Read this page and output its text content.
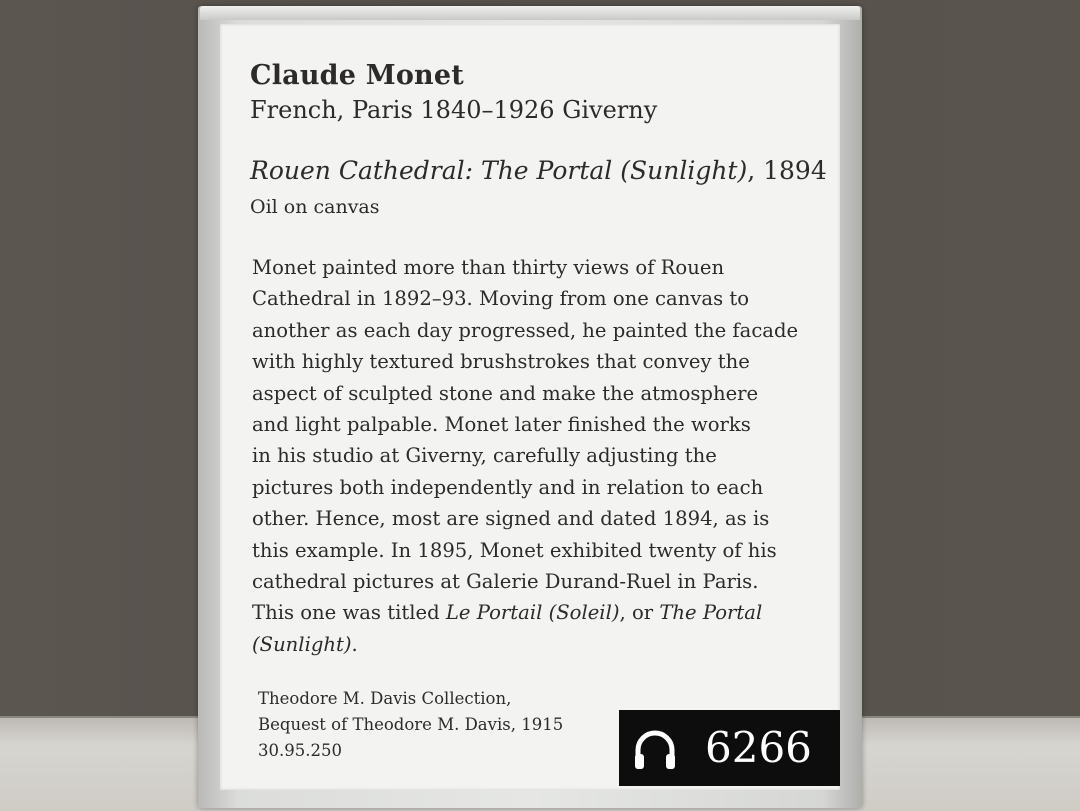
Claude Monet
French, Paris 1840–1926 Giverny
Rouen Cathedral: The Portal (Sunlight), 1894
Oil on canvas
Monet painted more than thirty views of Rouen
Cathedral in 1892–93. Moving from one canvas to
another as each day progressed, he painted the facade
with highly textured brushstrokes that convey the
aspect of sculpted stone and make the atmosphere
and light palpable. Monet later finished the works
in his studio at Giverny, carefully adjusting the
pictures both independently and in relation to each
other. Hence, most are signed and dated 1894, as is
this example. In 1895, Monet exhibited twenty of his
cathedral pictures at Galerie Durand-Ruel in Paris.
This one was titled Le Portail (Soleil), or The Portal
(Sunlight).
Theodore M. Davis Collection,
Bequest of Theodore M. Davis, 1915
30.95.250	6266
